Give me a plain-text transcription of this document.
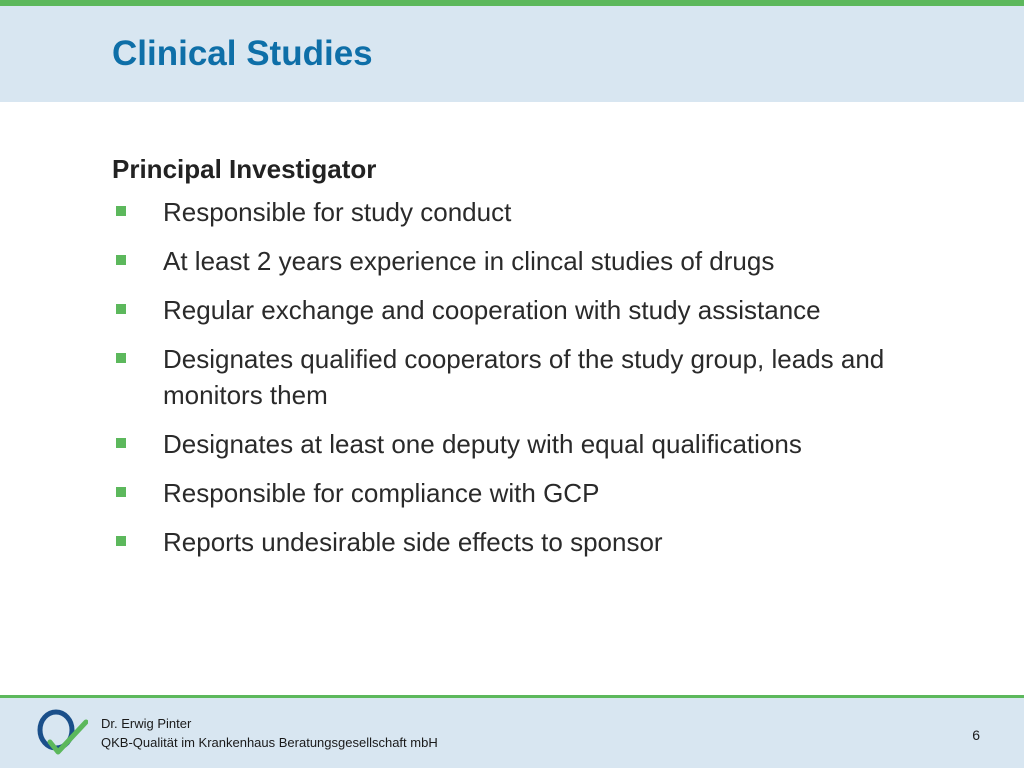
Clinical Studies
Principal Investigator
Responsible for study conduct
At least 2 years experience in clincal studies of drugs
Regular exchange and cooperation with study assistance
Designates qualified cooperators of the study group, leads and monitors them
Designates at least one deputy with equal qualifications
Responsible for compliance with GCP
Reports undesirable side effects to sponsor
Dr. Erwig Pinter
QKB-Qualität im Krankenhaus Beratungsgesellschaft mbH	6
